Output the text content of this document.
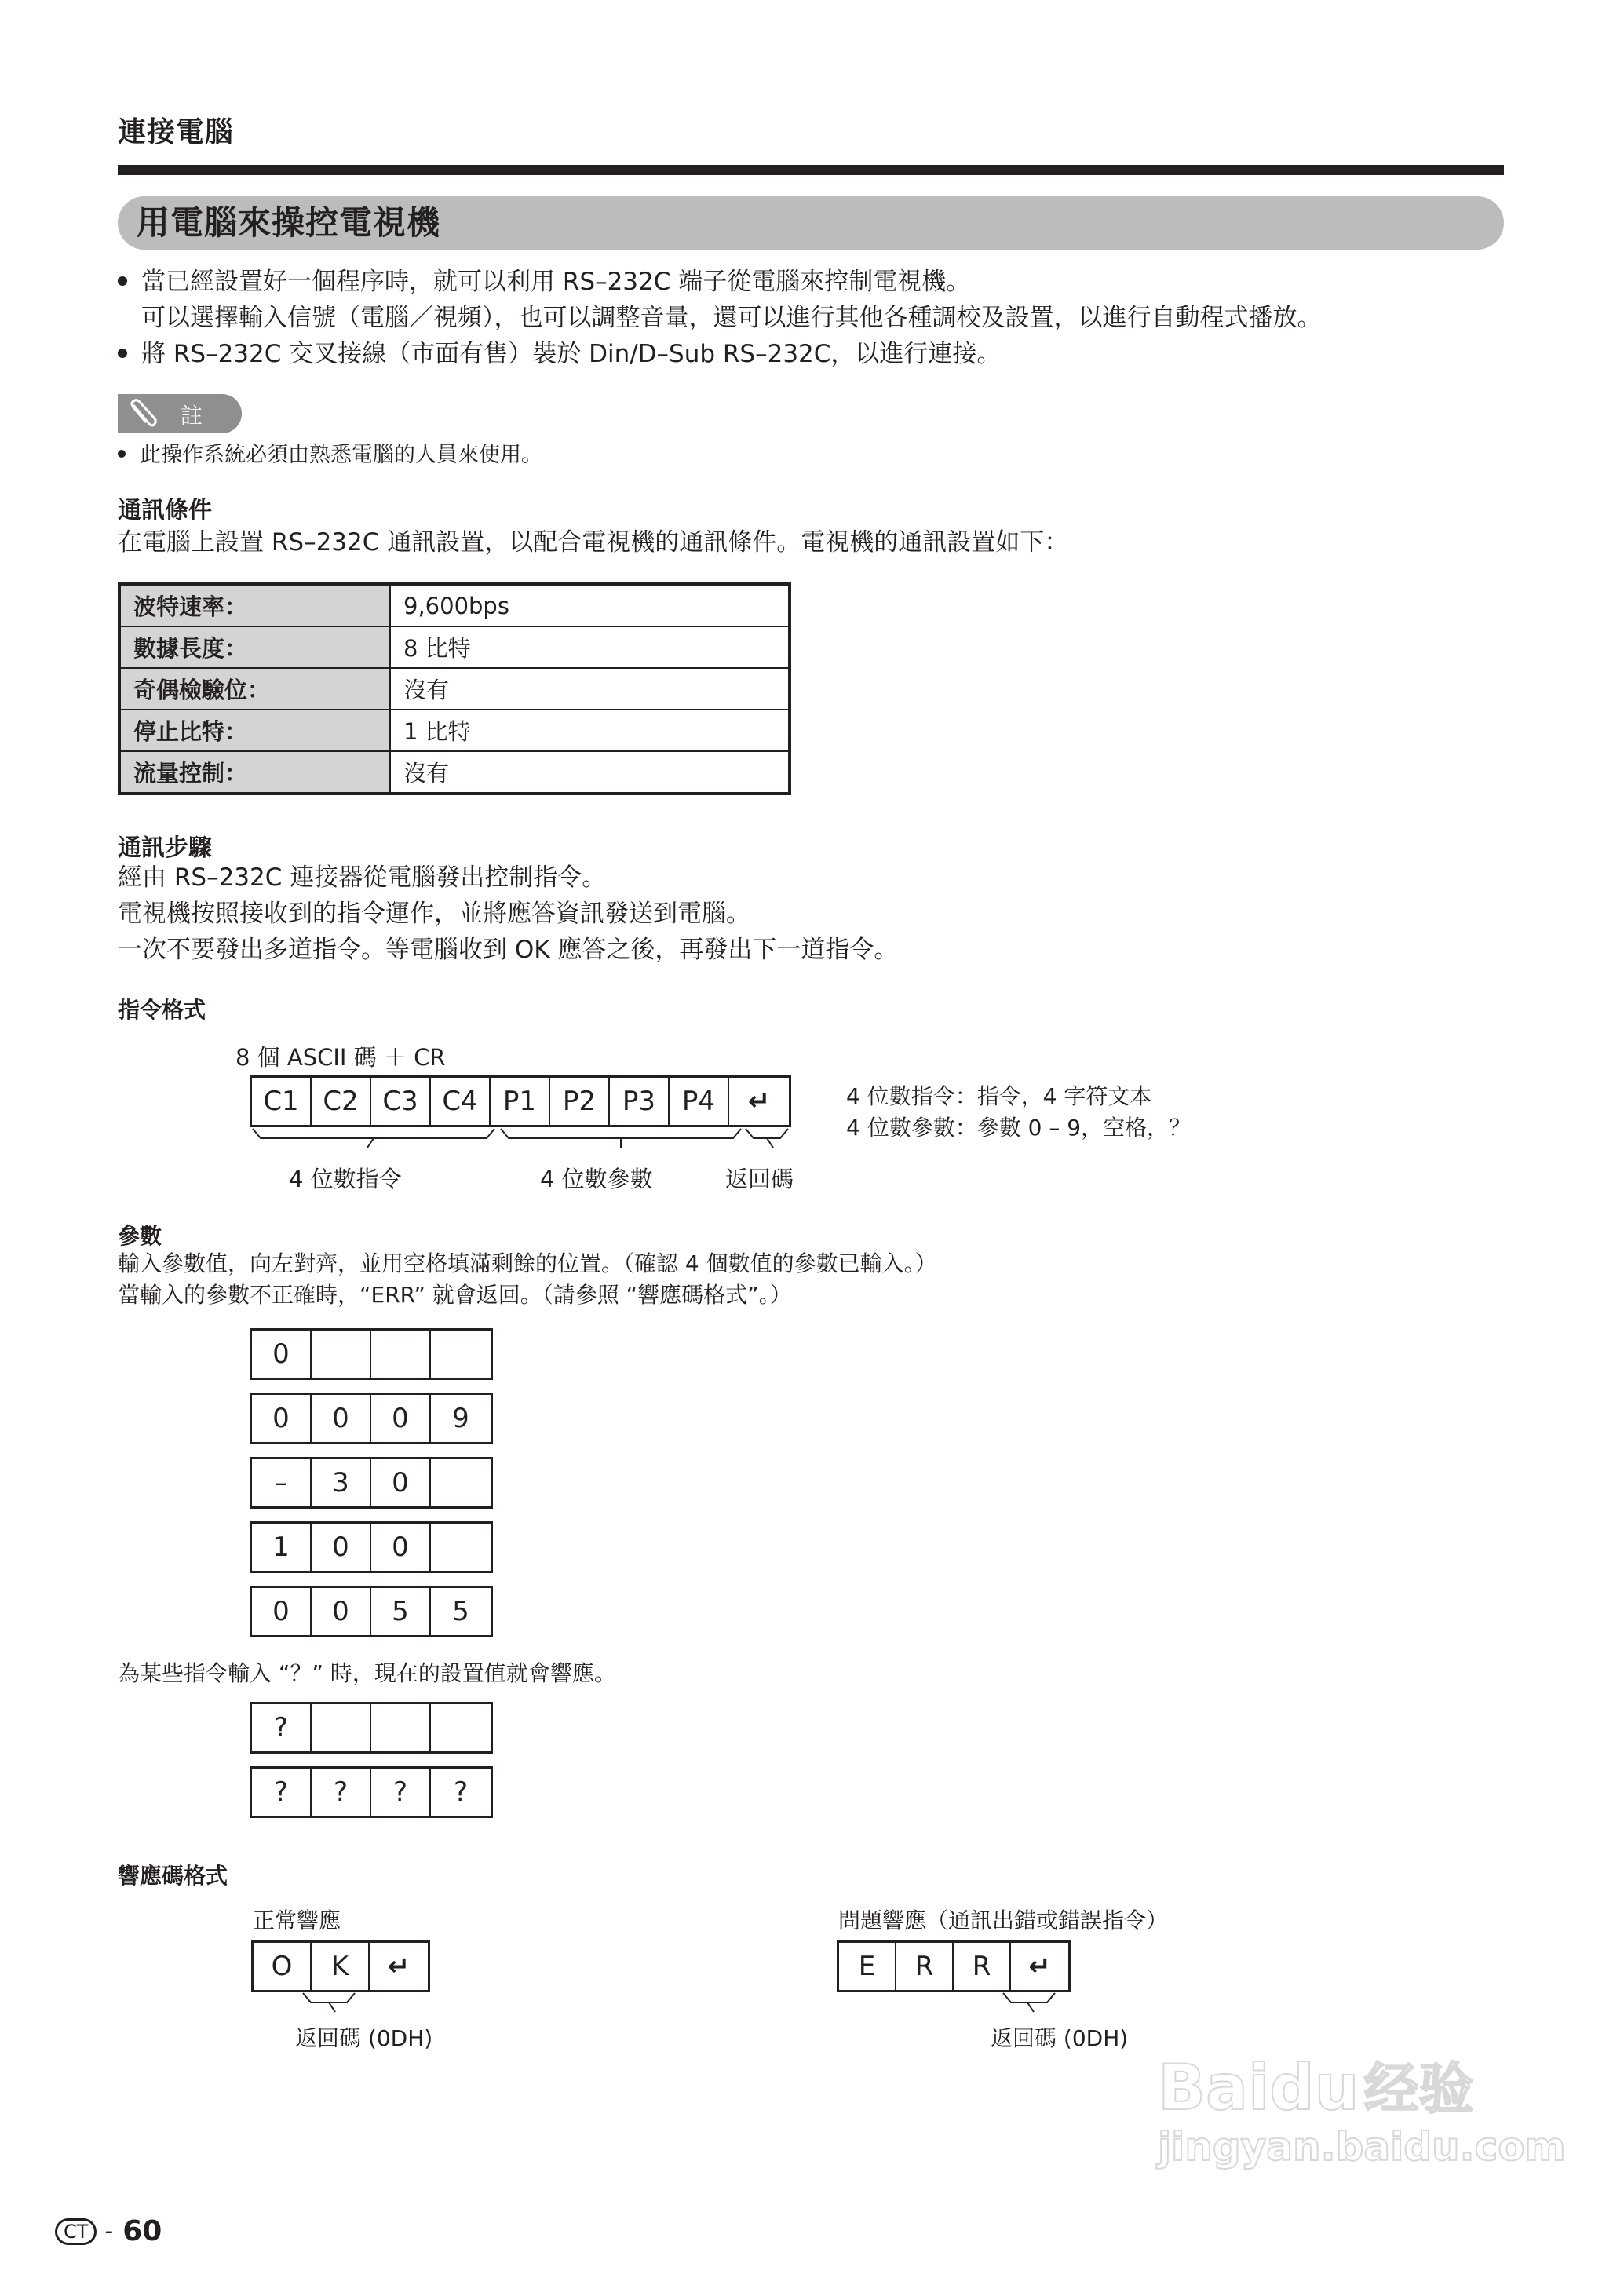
連接電腦
用電腦來操控電視機
當已經設置好一個程序時，就可以利用 RS–232C 端子從電腦來控制電視機。
可以選擇輸入信號（電腦／視頻），也可以調整音量，還可以進行其他各種調校及設置，以進行自動程式播放。
將 RS–232C 交叉接線（市面有售）裝於 Din/D–Sub RS–232C，以進行連接。
註
此操作系統必須由熟悉電腦的人員來使用。
通訊條件
在電腦上設置 RS–232C 通訊設置，以配合電視機的通訊條件。電視機的通訊設置如下：
波特速率：	9,600bps
數據長度：	8 比特
奇偶檢驗位：	沒有
停止比特：	1 比特
流量控制：	沒有
通訊步驟
經由 RS–232C 連接器從電腦發出控制指令。
電視機按照接收到的指令運作，並將應答資訊發送到電腦。
一次不要發出多道指令。等電腦收到 OK 應答之後，再發出下一道指令。
指令格式
8 個 ASCII 碼 ＋ CR
C1 C2 C3 C4 P1 P2 P3 P4	↵
4 位數指令	4 位數參數	返回碼
4 位數指令：指令，4 字符文本
4 位數參數：參數 0 – 9，空格，？
參數
輸入參數值，向左對齊，並用空格填滿剩餘的位置。（確認 4 個數值的參數已輸入。）
當輸入的參數不正確時，“ERR” 就會返回。（請參照 “響應碼格式”。）
0
0	0	0	9
–	3	0
1	0	0
0	0	5	5
為某些指令輸入 “？” 時，現在的設置值就會響應。
?
?	?	?	?
響應碼格式
正常響應
O	K	↵
返回碼 (0DH)
問題響應（通訊出錯或錯誤指令）
E	R	R	↵
返回碼 (0DH)
Baidu 经验
jingyan.baidu.com
CT - 60
